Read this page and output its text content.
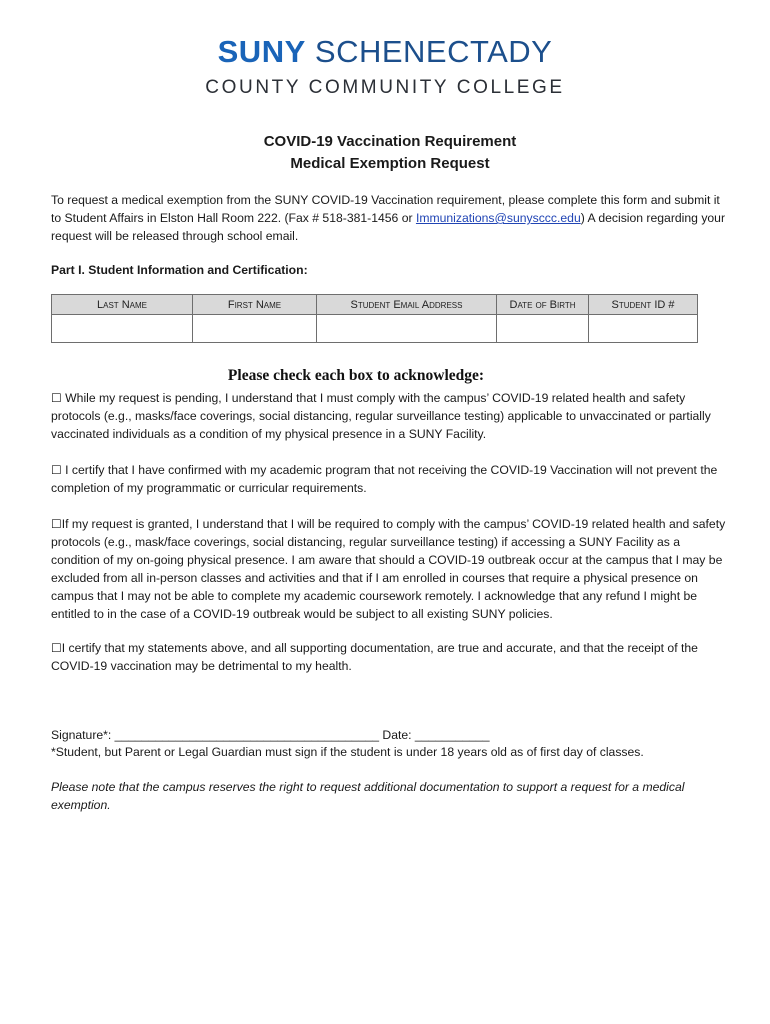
SUNY SCHENECTADY
COUNTY COMMUNITY COLLEGE
COVID-19 Vaccination Requirement
Medical Exemption Request
To request a medical exemption from the SUNY COVID-19 Vaccination requirement, please complete this form and submit it to Student Affairs in Elston Hall Room 222. (Fax # 518-381-1456 or Immunizations@sunysccc.edu) A decision regarding your request will be released through school email.
Part I. Student Information and Certification:
Last Name	First Name	Student Email Address	Date of Birth	Student ID #

Please check each box to acknowledge:
☐ While my request is pending, I understand that I must comply with the campus’ COVID-19 related health and safety protocols (e.g., masks/face coverings, social distancing, regular surveillance testing) applicable to unvaccinated or partially vaccinated individuals as a condition of my physical presence in a SUNY Facility.
☐ I certify that I have confirmed with my academic program that not receiving the COVID-19 Vaccination will not prevent the completion of my programmatic or curricular requirements.
☐If my request is granted, I understand that I will be required to comply with the campus’ COVID-19 related health and safety protocols (e.g., mask/face coverings, social distancing, regular surveillance testing) if accessing a SUNY Facility as a condition of my on-going physical presence. I am aware that should a COVID-19 outbreak occur at the campus that I may be excluded from all in-person classes and activities and that if I am enrolled in courses that require a physical presence on campus that I may not be able to complete my academic coursework remotely. I acknowledge that any refund I might be entitled to in the case of a COVID-19 outbreak would be subject to all existing SUNY policies.
☐I certify that my statements above, and all supporting documentation, are true and accurate, and that the receipt of the COVID-19 vaccination may be detrimental to my health.
Signature*: _______________________________________ Date: ___________
*Student, but Parent or Legal Guardian must sign if the student is under 18 years old as of first day of classes.
Please note that the campus reserves the right to request additional documentation to support a request for a medical exemption.
